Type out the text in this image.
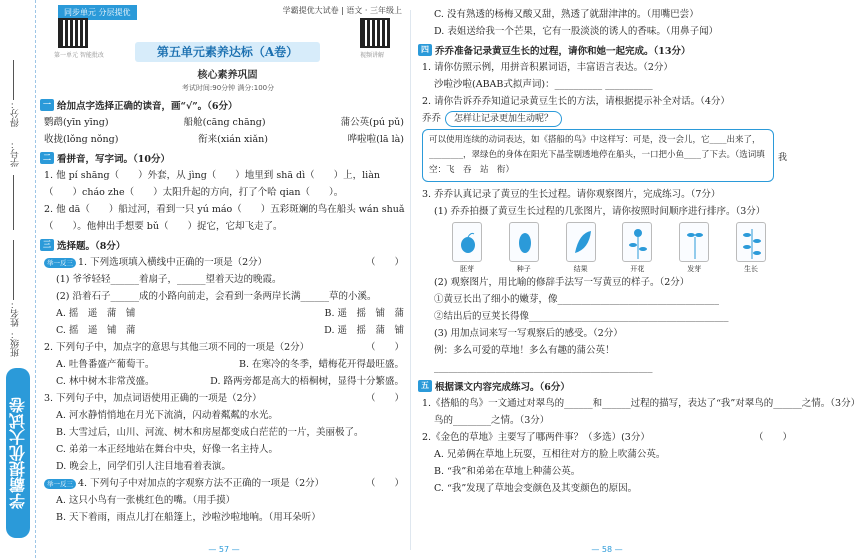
得分：
学号：
姓名：
班级：
学霸提优大试卷
同步单元 分层提优	学霸提优大试卷 | 语文 · 三年级上
第一单元 智能批改	视频讲解
第五单元素养达标（A卷）
核心素养巩固
考试时间:90分钟 满分:100分
一 给加点字选择正确的读音，画“√”。（6分）
鹦鹉(yīn yīng)	船舱(cāng chāng)	蒲公英(pú pǔ)
收拢(lǒng nǒng)	衔来(xián xiǎn)	哗啦啦(lā là)
二 看拼音，写字词。（10分）
1. 他 pí shāng（　　）外套，从 jìng（　　）地里到 shā dì（　　）上，liàn
（　　）cháo zhe（　　）太阳升起的方向，打了个哈 qian（　　）。
2. 他 dā（　　）船过河，看到一只 yú máo（　　）五彩斑斓的鸟在船头 wán shuǎ
（　　）。他伸出手想要 bǔ（　　）捉它，它却飞走了。
三 选择题。（8分）
举一反三 1. 下列选项填入横线中正确的一项是（2分）	（　　）
(1) 爷爷轻轻______着扇子，______望着天边的晚霞。
(2) 沿着石子______成的小路向前走，会看到一条两岸长满______草的小溪。
A. 摇　遥　蒲　铺	B. 遥　摇　铺　蒲
C. 摇　遥　铺　蒲	D. 遥　摇　蒲　铺
2. 下列句子中，加点字的意思与其他三项不同的一项是（2分）	（　　）
A. 吐鲁番盛产葡萄干。	B. 在寒冷的冬季，蜡梅花开得最旺盛。
C. 林中树木非常茂盛。	D. 路两旁都是高大的梧桐树，显得十分繁盛。
3. 下列句子中，加点词语使用正确的一项是（2分）	（　　）
A. 河水静悄悄地在月光下流淌，闪动着粼粼的水光。
B. 大雪过后，山川、河流、树木和房屋都变成白茫茫的一片，美丽极了。
C. 弟弟一本正经地站在舞台中央，好像一名主持人。
D. 晚会上，同学们引人注目地看着表演。
举一反三 4. 下列句子中对加点的字观察方法不正确的一项是（2分）	（　　）
A. 这只小鸟有一张桃红色的嘴。（用手摸）
B. 天下着雨，雨点儿打在船篷上，沙啦沙啦地响。（用耳朵听）
— 57 —
C. 没有熟透的杨梅又酸又甜，熟透了就甜津津的。（用嘴巴尝）
D. 表姐送给我一个芒果，它有一股淡淡的诱人的香味。（用鼻子闻）
四 乔乔准备记录黄豆生长的过程，请你和她一起完成。（13分）
1. 请你仿照示例，用拼音积累词语，丰富语言表达。（2分）
沙啦沙啦(ABAB式拟声词)：__________ __________
2. 请你告诉乔乔知道记录黄豆生长的方法，请根据提示补全对话。（4分）
乔乔 怎样让记录更加生动呢？
可以使用连续的动词表达，如《搭船的鸟》中这样写：可是，没一会儿，它____出来了，________，翠绿色的身体在阳光下晶莹剔透地停在船头，一口把小鱼____了下去。（选词填空：飞　吞　站　衔）
我
3. 乔乔认真记录了黄豆的生长过程。请你观察图片，完成练习。（7分）
(1) 乔乔拍摄了黄豆生长过程的几张图片，请你按照时间顺序进行排序。（3分）
胚芽	种子	结果	开花	发芽	生长
(2) 观察图片，用比喻的修辞手法写一写黄豆的样子。（2分）
①黄豆长出了细小的嫩芽，像__________________________________
②结出后的豆荚长得像__________________________________________
(3) 用加点词来写一写观察后的感受。（2分）
例：多么可爱的草地！多么有趣的蒲公英！
______________________________________________
五 根据课文内容完成练习。（6分）
1.《搭船的鸟》一文通过对翠鸟的______和______过程的描写，表达了“我”对翠鸟的______之情。（3分）
鸟的________之情。（3分）
2.《金色的草地》主要写了哪两件事？（多选）(3分）	（　　）
A. 兄弟俩在草地上玩耍，互相往对方的脸上吹蒲公英。
B. “我”和弟弟在草地上种蒲公英。
C. “我”发现了草地会变颜色及其变颜色的原因。
— 58 —
